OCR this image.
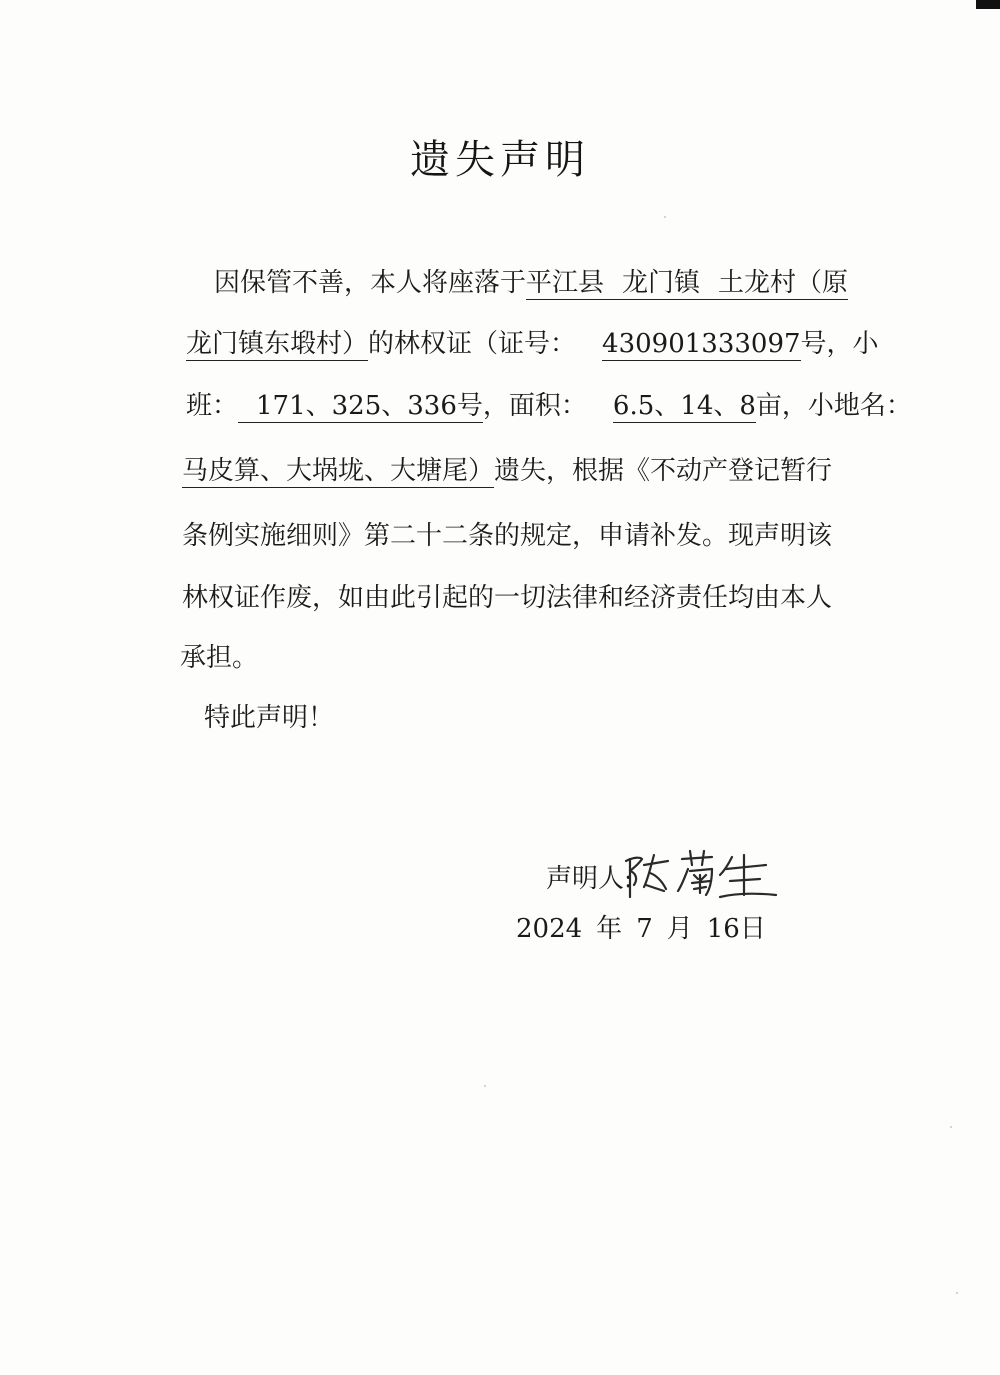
遗失声明
因保管不善，本人将座落于平江县 龙门镇 土龙村（原
龙门镇东塅村）的林权证（证号： 430901333097号，小
班： 171、325、336号，面积： 6.5、14、8亩，小地名：
马皮算、大埚垅、大塘尾）遗失，根据《不动产登记暂行
条例实施细则》第二十二条的规定，申请补发。现声明该
林权证作废，如由此引起的一切法律和经济责任均由本人
承担。
特此声明！
声明人:
2024 年 7 月 16日
